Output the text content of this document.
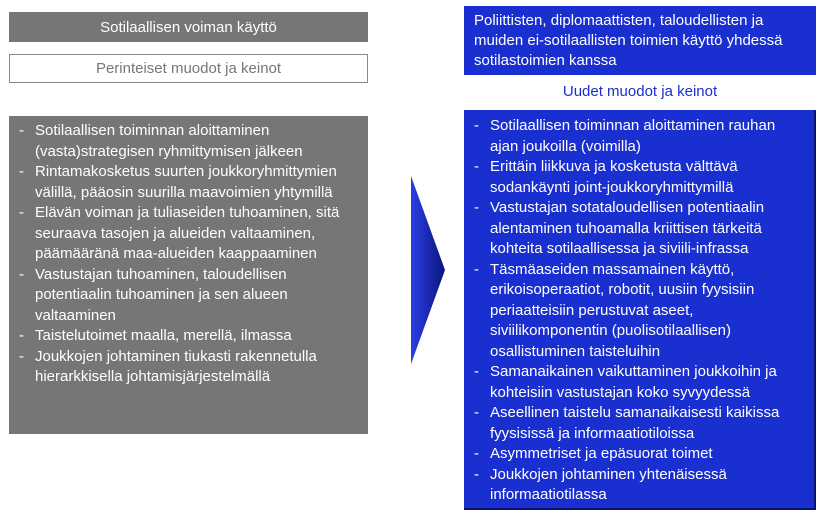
Sotilaallisen voiman käyttö
Perinteiset muodot ja keinot
- Sotilaallisen toiminnan aloittaminen (vasta)strategisen ryhmittymisen jälkeen
- Rintamakosketus suurten joukkoryhmittymien välillä, pääosin suurilla maavoimien yhtymillä
- Elävän voiman ja tuliaseiden tuhoaminen, sitä seuraava tasojen ja alueiden valtaaminen, päämääränä maa-alueiden kaappaaminen
- Vastustajan tuhoaminen, taloudellisen potentiaalin tuhoaminen ja sen alueen valtaaminen
- Taistelutoimet maalla, merellä, ilmassa
- Joukkojen johtaminen tiukasti rakennetulla hierarkkisella johtamisjärjestelmällä
Poliittisten, diplomaattisten, taloudellisten ja muiden ei-sotilaallisten toimien käyttö yhdessä sotilastoimien kanssa
Uudet muodot ja keinot
- Sotilaallisen toiminnan aloittaminen rauhan ajan joukoilla (voimilla)
- Erittäin liikkuva ja kosketusta välttävä sodankäynti joint-joukkoryhmittymillä
- Vastustajan sotataloudellisen potentiaalin alentaminen tuhoamalla kriittisen tärkeitä kohteita sotilaallisessa ja siviili-infrassa
- Täsmäaseiden massamainen käyttö, erikoisoperaatiot, robotit, uusiin fyysisiin periaatteisiin perustuvat aseet, siviilikomponentin (puolisotilaallisen) osallistuminen taisteluihin
- Samanaikainen vaikuttaminen joukkoihin ja kohteisiin vastustajan koko syvyydessä
- Aseellinen taistelu samanaikaisesti kaikissa fyysisissä ja informaatiotiloissa
- Asymmetriset ja epäsuorat toimet
- Joukkojen johtaminen yhtenäisessä informaatiotilassa
